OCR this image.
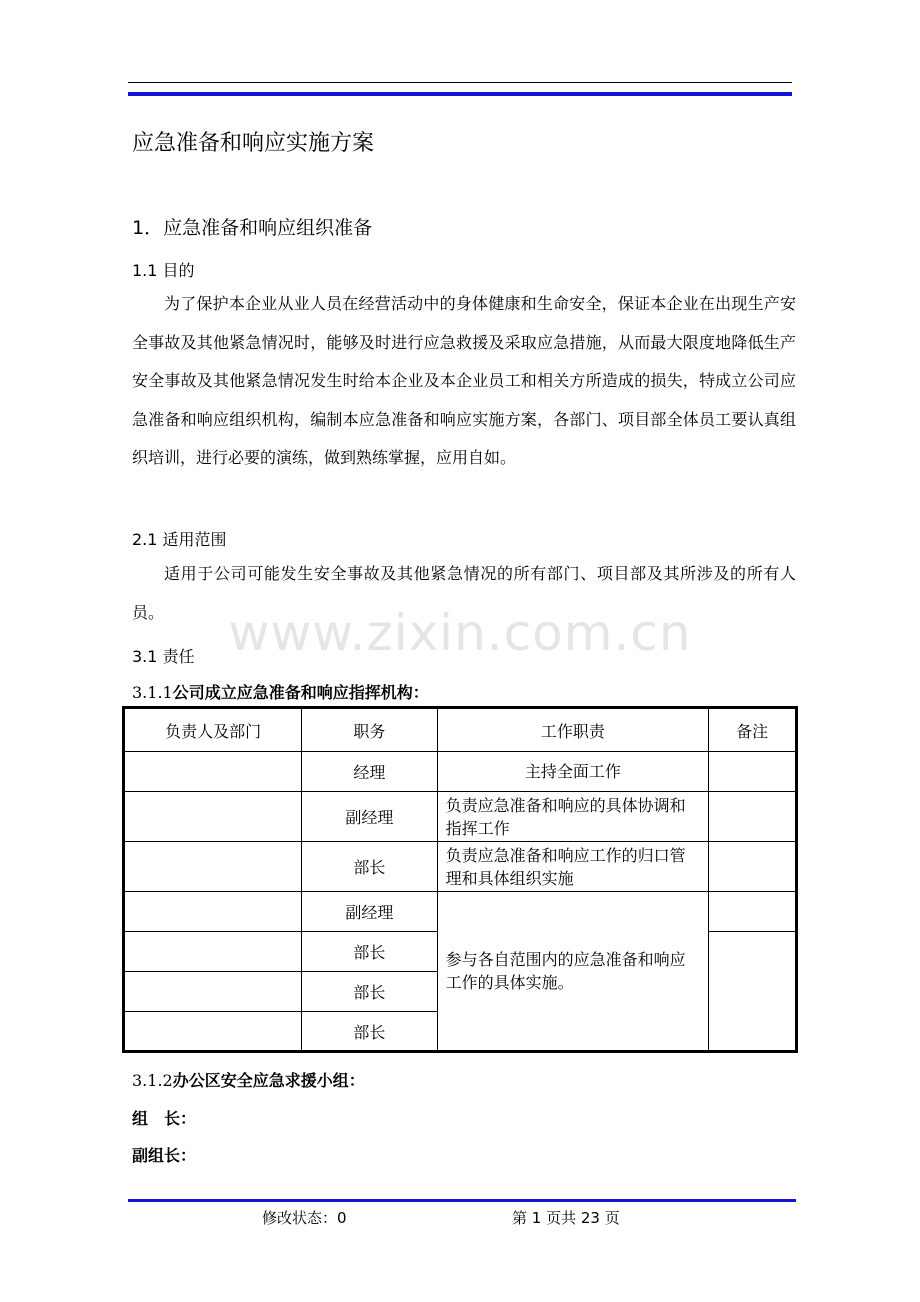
www.zixin.com.cn
应急准备和响应实施方案
1．应急准备和响应组织准备
1.1 目的

为了保护本企业从业人员在经营活动中的身体健康和生命安全，保证本企业在出现生产安全事故及其他紧急情况时，能够及时进行应急救援及采取应急措施，从而最大限度地降低生产安全事故及其他紧急情况发生时给本企业及本企业员工和相关方所造成的损失，特成立公司应急准备和响应组织机构，编制本应急准备和响应实施方案，各部门、项目部全体员工要认真组织培训，进行必要的演练，做到熟练掌握，应用自如。

2.1 适用范围

适用于公司可能发生安全事故及其他紧急情况的所有部门、项目部及其所涉及的所有人员。

3.1 责任
3.1.1公司成立应急准备和响应指挥机构：
负责人及部门	职务	工作职责	备注
	经理	主持全面工作	
	副经理	负责应急准备和响应的具体协调和指挥工作	
	部长	负责应急准备和响应工作的归口管理和具体组织实施	
	副经理	参与各自范围内的应急准备和响应工作的具体实施。	
	部长		
	部长		
	部长		
3.1.2办公区安全应急求援小组：
组　长：
副组长：
修改状态：0	第 1 页共 23 页
